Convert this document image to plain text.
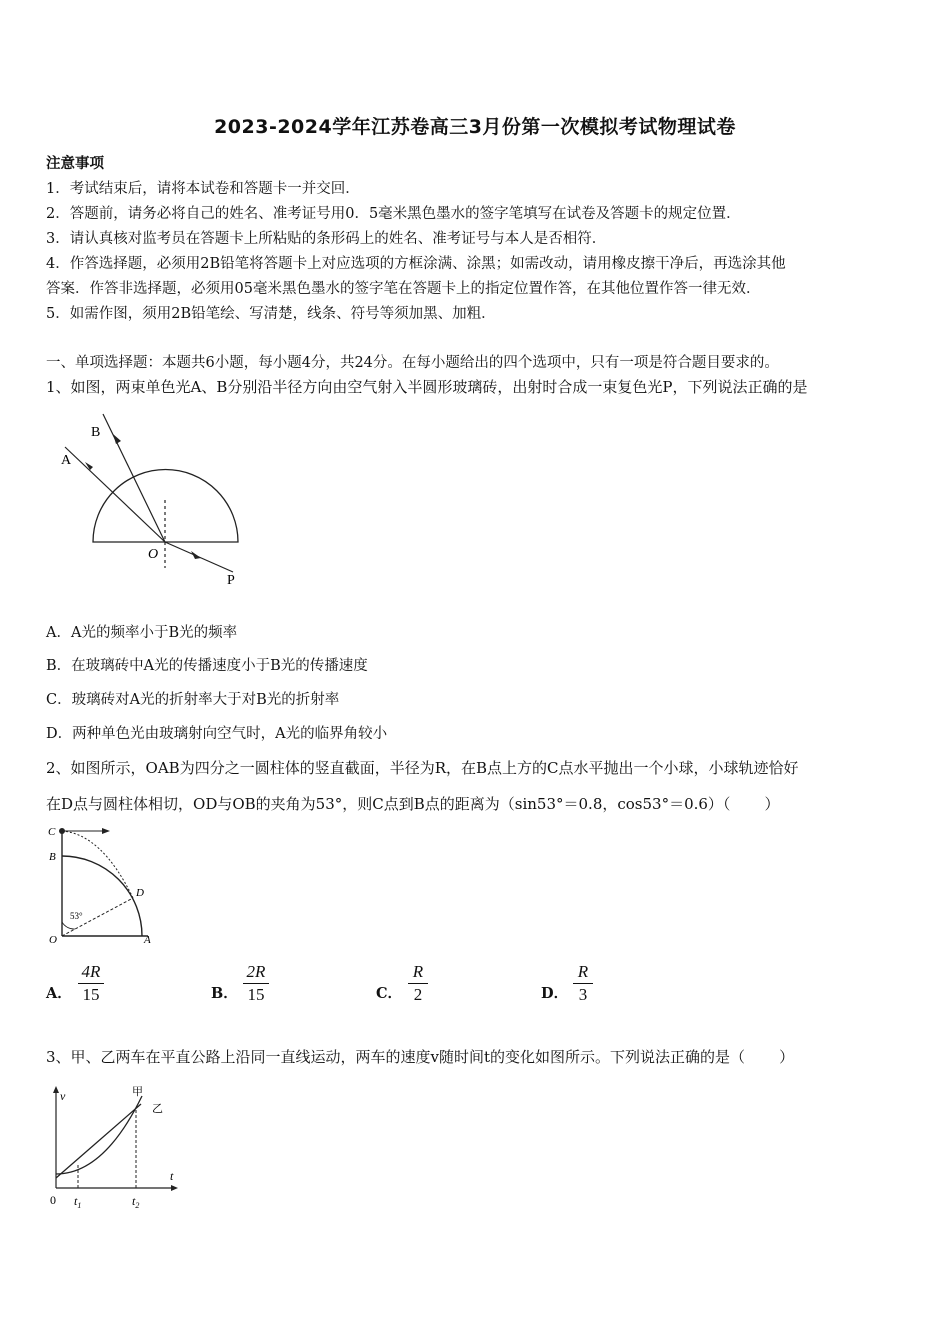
2023-2024学年江苏卷高三3月份第一次模拟考试物理试卷
注意事项
1．考试结束后，请将本试卷和答题卡一并交回．
2．答题前，请务必将自己的姓名、准考证号用0．5毫米黑色墨水的签字笔填写在试卷及答题卡的规定位置．
3．请认真核对监考员在答题卡上所粘贴的条形码上的姓名、准考证号与本人是否相符．
4．作答选择题，必须用2B铅笔将答题卡上对应选项的方框涂满、涂黑；如需改动，请用橡皮擦干净后，再选涂其他
答案．作答非选择题，必须用05毫米黑色墨水的签字笔在答题卡上的指定位置作答，在其他位置作答一律无效．
5．如需作图，须用2B铅笔绘、写清楚，线条、符号等须加黑、加粗．
一、单项选择题：本题共6小题，每小题4分，共24分。在每小题给出的四个选项中，只有一项是符合题目要求的。
1、如图，两束单色光A、B分别沿半径方向由空气射入半圆形玻璃砖，出射时合成一束复色光P，下列说法正确的是
A
B
O
P
A．A光的频率小于B光的频率
B．在玻璃砖中A光的传播速度小于B光的传播速度
C．玻璃砖对A光的折射率大于对B光的折射率
D．两种单色光由玻璃射向空气时，A光的临界角较小
2、如图所示，OAB为四分之一圆柱体的竖直截面，半径为R，在B点上方的C点水平抛出一个小球，小球轨迹恰好
在D点与圆柱体相切，OD与OB的夹角为53°，则C点到B点的距离为（sin53°＝0.8，cos53°＝0.6）（ ）
C
B
D
O	A
53°
A．
4R
15	B．
2R
15	C．
R
2	D．
R
3
3、甲、乙两车在平直公路上沿同一直线运动，两车的速度v随时间t的变化如图所示。下列说法正确的是（ ）
v
t
0 $t_1$	$t_2$
甲
乙
